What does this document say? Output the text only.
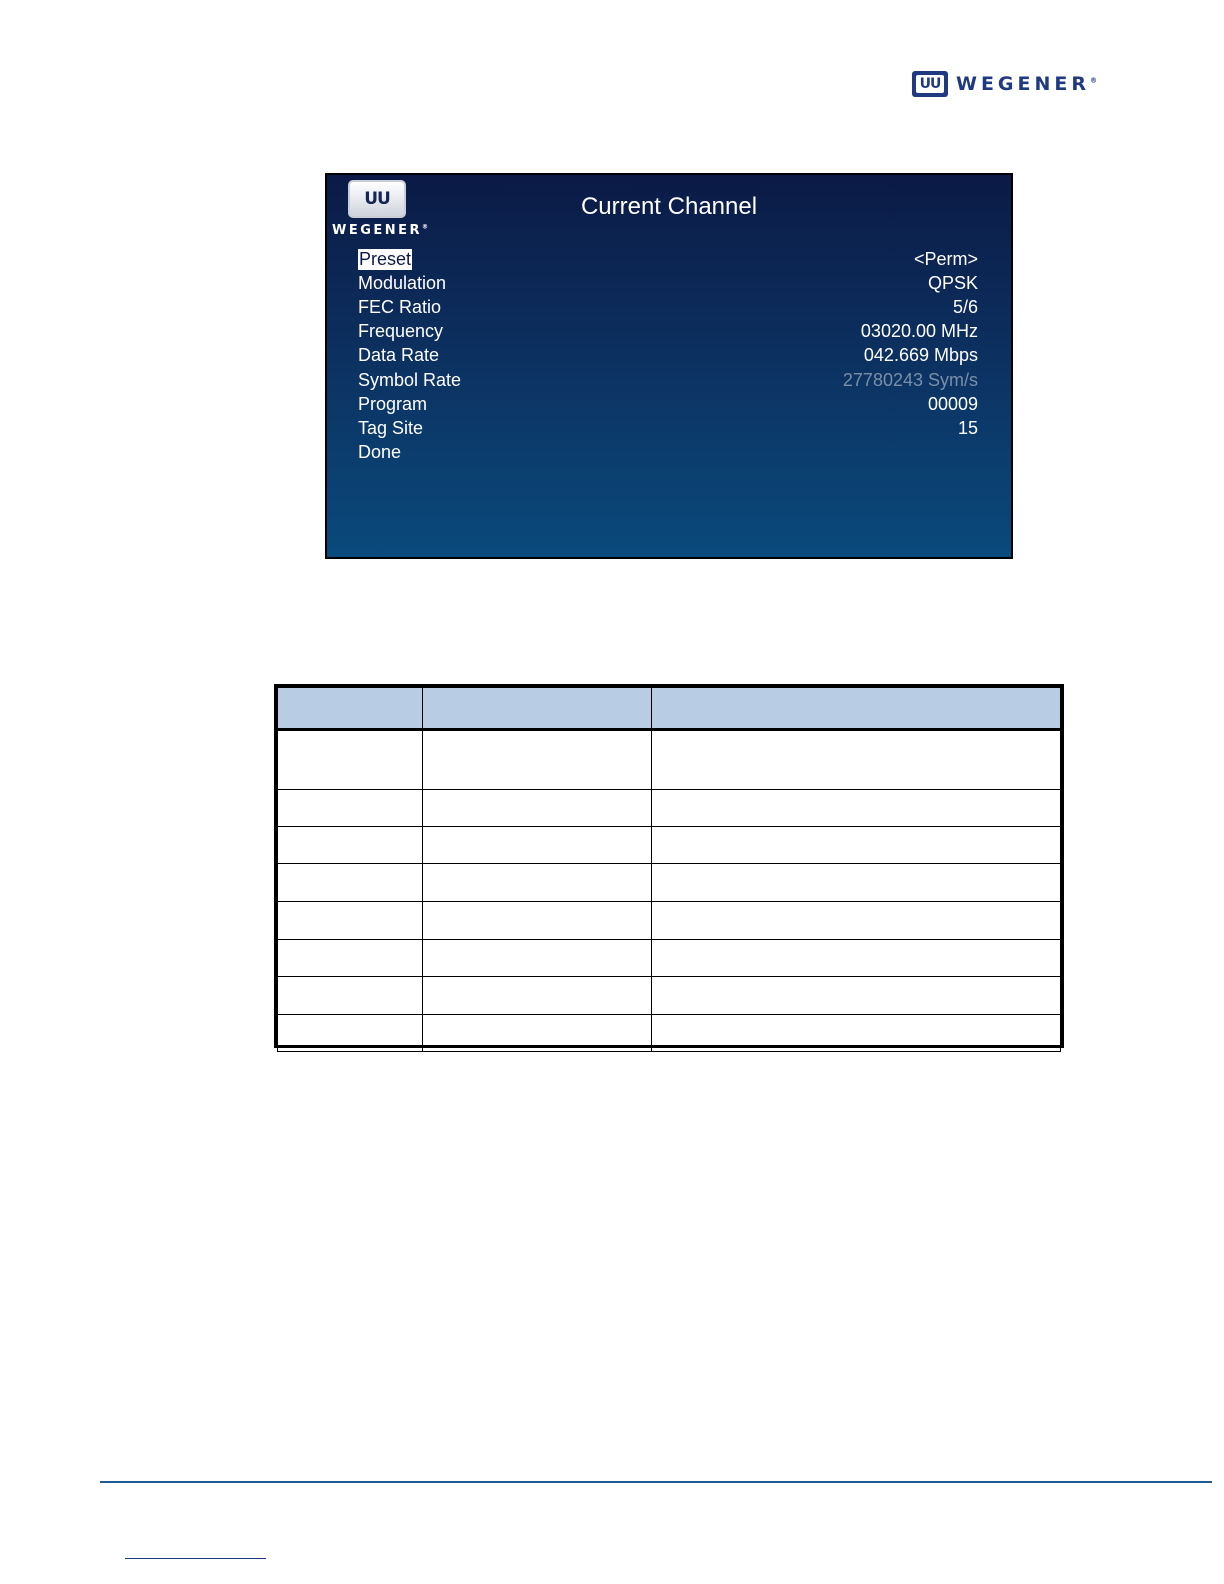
UU WEGENER®
UU
WEGENER®
Current Channel
Preset	<Perm>
Modulation	QPSK
FEC Ratio	5/6
Frequency	03020.00 MHz
Data Rate	042.669 Mbps
Symbol Rate	27780243 Sym/s
Program	00009
Tag Site	15
Done
